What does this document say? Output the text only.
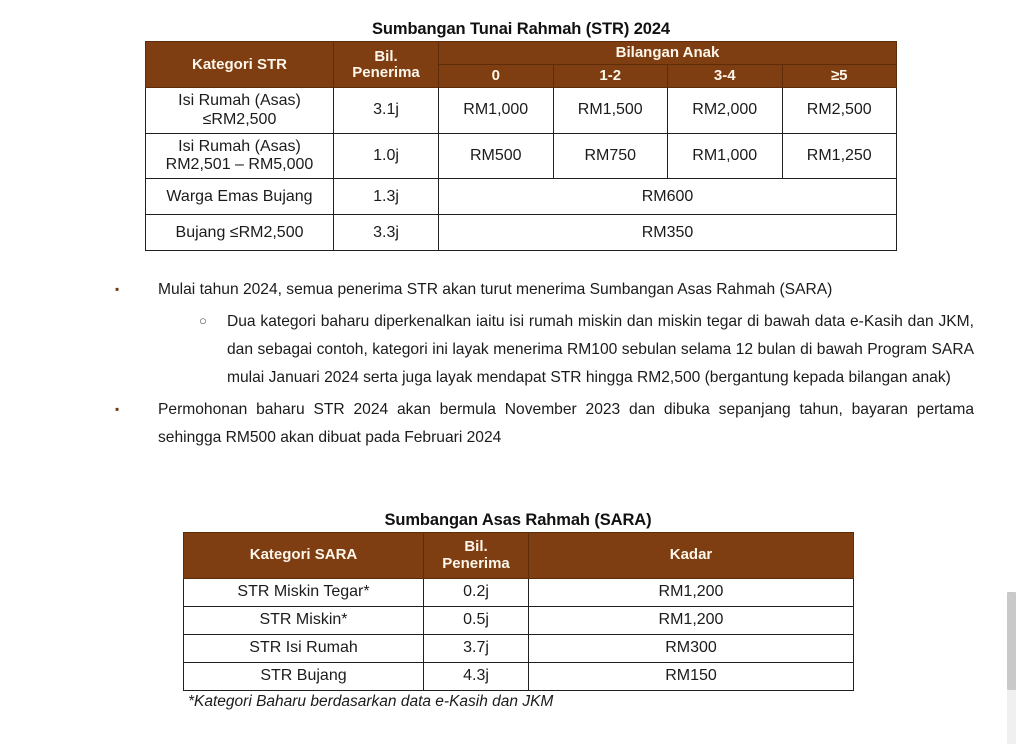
Sumbangan Tunai Rahmah (STR) 2024
Kategori STR	Bil.
Penerima	Bilangan Anak			
		0	1-2	3-4	≥5

Isi Rumah (Asas)
≤RM2,500	3.1j	RM1,000	RM1,500	RM2,000	RM2,500

Isi Rumah (Asas)
RM2,501 – RM5,000	1.0j	RM500	RM750	RM1,000	RM1,250
Warga Emas Bujang	1.3j	RM600			
Bujang ≤RM2,500	3.3j	RM350			
▪	Mulai tahun 2024, semua penerima STR akan turut menerima Sumbangan Asas Rahmah (SARA)
○	Dua kategori baharu diperkenalkan iaitu isi rumah miskin dan miskin tegar di bawah data e-Kasih dan JKM, dan sebagai contoh, kategori ini layak menerima RM100 sebulan selama 12 bulan di bawah Program SARA mulai Januari 2024 serta juga layak mendapat STR hingga RM2,500 (bergantung kepada bilangan anak)
▪	Permohonan baharu STR 2024 akan bermula November 2023 dan dibuka sepanjang tahun, bayaran pertama sehingga RM500 akan dibuat pada Februari 2024
Sumbangan Asas Rahmah (SARA)
Kategori SARA	Bil.
Penerima	Kadar
STR Miskin Tegar*	0.2j	RM1,200
STR Miskin*	0.5j	RM1,200
STR Isi Rumah	3.7j	RM300
STR Bujang	4.3j	RM150
*Kategori Baharu berdasarkan data e-Kasih dan JKM
